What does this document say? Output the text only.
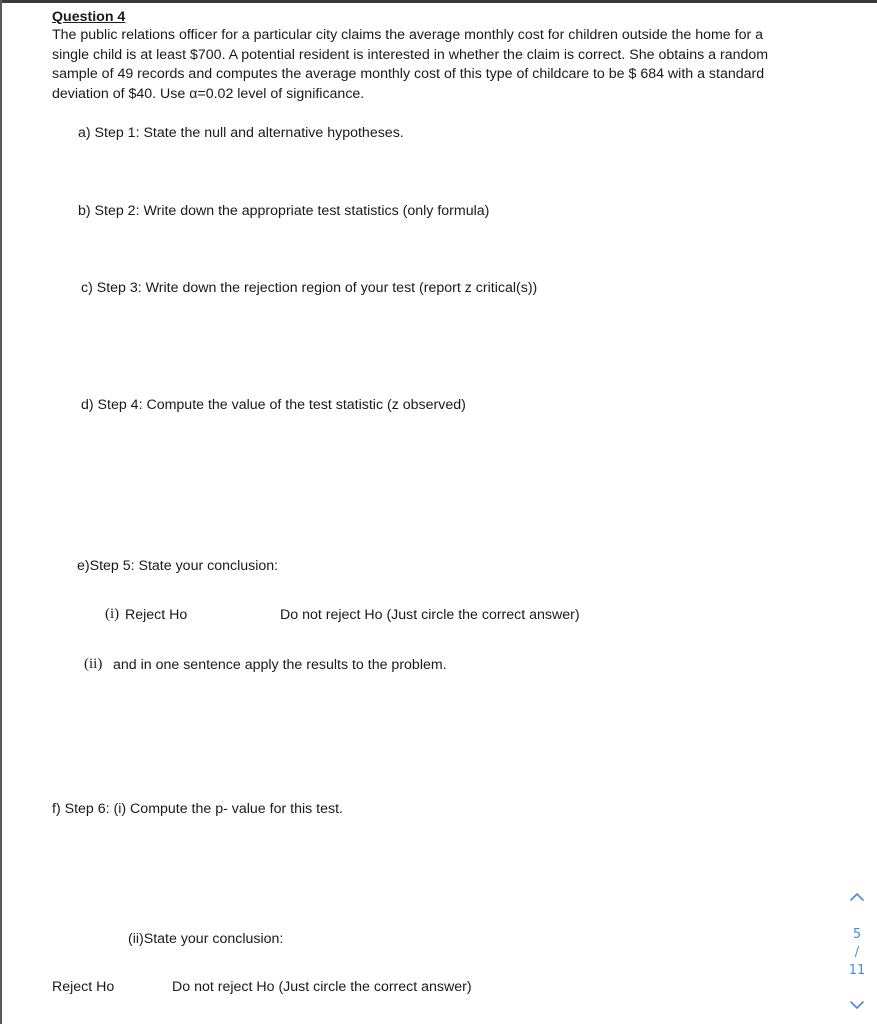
Question 4
The public relations officer for a particular city claims the average monthly cost for children outside the home for a
single child is at least $700. A potential resident is interested in whether the claim is correct. She obtains a random
sample of 49 records and computes the average monthly cost of this type of childcare to be $ 684 with a standard
deviation of $40. Use α=0.02 level of significance.
a) Step 1: State the null and alternative hypotheses.
b) Step 2: Write down the appropriate test statistics (only formula)
c) Step 3: Write down the rejection region of your test (report z critical(s))
d) Step 4: Compute the value of the test statistic (z observed)
e)Step 5: State your conclusion:
(i) Reject Ho	Do not reject Ho (Just circle the correct answer)
(ii) and in one sentence apply the results to the problem.
f) Step 6: (i) Compute the p- value for this test.
(ii)State your conclusion:
Reject Ho	Do not reject Ho (Just circle the correct answer)
5
/
11
